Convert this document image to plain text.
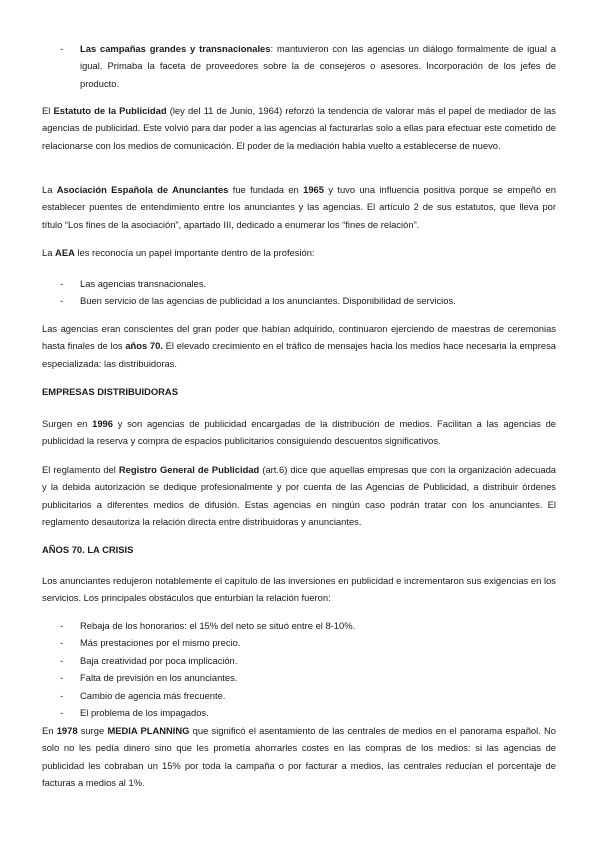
- Las campañas grandes y transnacionales: mantuvieron con las agencias un diálogo formalmente de igual a igual. Primaba la faceta de proveedores sobre la de consejeros o asesores. Incorporación de los jefes de producto.

El Estatuto de la Publicidad (ley del 11 de Junio, 1964) reforzó la tendencia de valorar más el papel de mediador de las agencias de publicidad. Este volvió para dar poder a las agencias al facturarlas solo a ellas para efectuar este cometido de relacionarse con los medios de comunicación. El poder de la mediación había vuelto a establecerse de nuevo.

La Asociación Española de Anunciantes fue fundada en 1965 y tuvo una influencia positiva porque se empeñó en establecer puentes de entendimiento entre los anunciantes y las agencias. El artículo 2 de sus estatutos, que lleva por título “Los fines de la asociación”, apartado III, dedicado a enumerar los “fines de relación”.

La AEA les reconocía un papel importante dentro de la profesión:

- Las agencias transnacionales.
- Buen servicio de las agencias de publicidad a los anunciantes. Disponibilidad de servicios.

Las agencias eran conscientes del gran poder que habían adquirido, continuaron ejerciendo de maestras de ceremonias hasta finales de los años 70. El elevado crecimiento en el tráfico de mensajes hacia los medios hace necesaria la empresa especializada: las distribuidoras.

EMPRESAS DISTRIBUIDORAS

Surgen en 1996 y son agencias de publicidad encargadas de la distribución de medios. Facilitan a las agencias de publicidad la reserva y compra de espacios publicitarios consiguiendo descuentos significativos.

El reglamento del Registro General de Publicidad (art.6) dice que aquellas empresas que con la organización adecuada y la debida autorización se dedique profesionalmente y por cuenta de las Agencias de Publicidad, a distribuir órdenes publicitarios a diferentes medios de difusión. Estas agencias en ningún caso podrán tratar con los anunciantes. El reglamento desautoriza la relación directa entre distribuidoras y anunciantes.

AÑOS 70. LA CRISIS

Los anunciantes redujeron notablemente el capítulo de las inversiones en publicidad e incrementaron sus exigencias en los servicios. Los principales obstáculos que enturbian la relación fueron:

- Rebaja de los honorarios: el 15% del neto se situó entre el 8-10%.
- Más prestaciones por el mismo precio.
- Baja creatividad por poca implicación.
- Falta de previsión en los anunciantes.
- Cambio de agencia más frecuente.
- El problema de los impagados.

En 1978 surge MEDIA PLANNING que significó el asentamiento de las centrales de medios en el panorama español. No solo no les pedía dinero sino que les prometía ahorrarles costes en las compras de los medios: si las agencias de publicidad les cobraban un 15% por toda la campaña o por facturar a medios, las centrales reducían el porcentaje de facturas a medios al 1%.
